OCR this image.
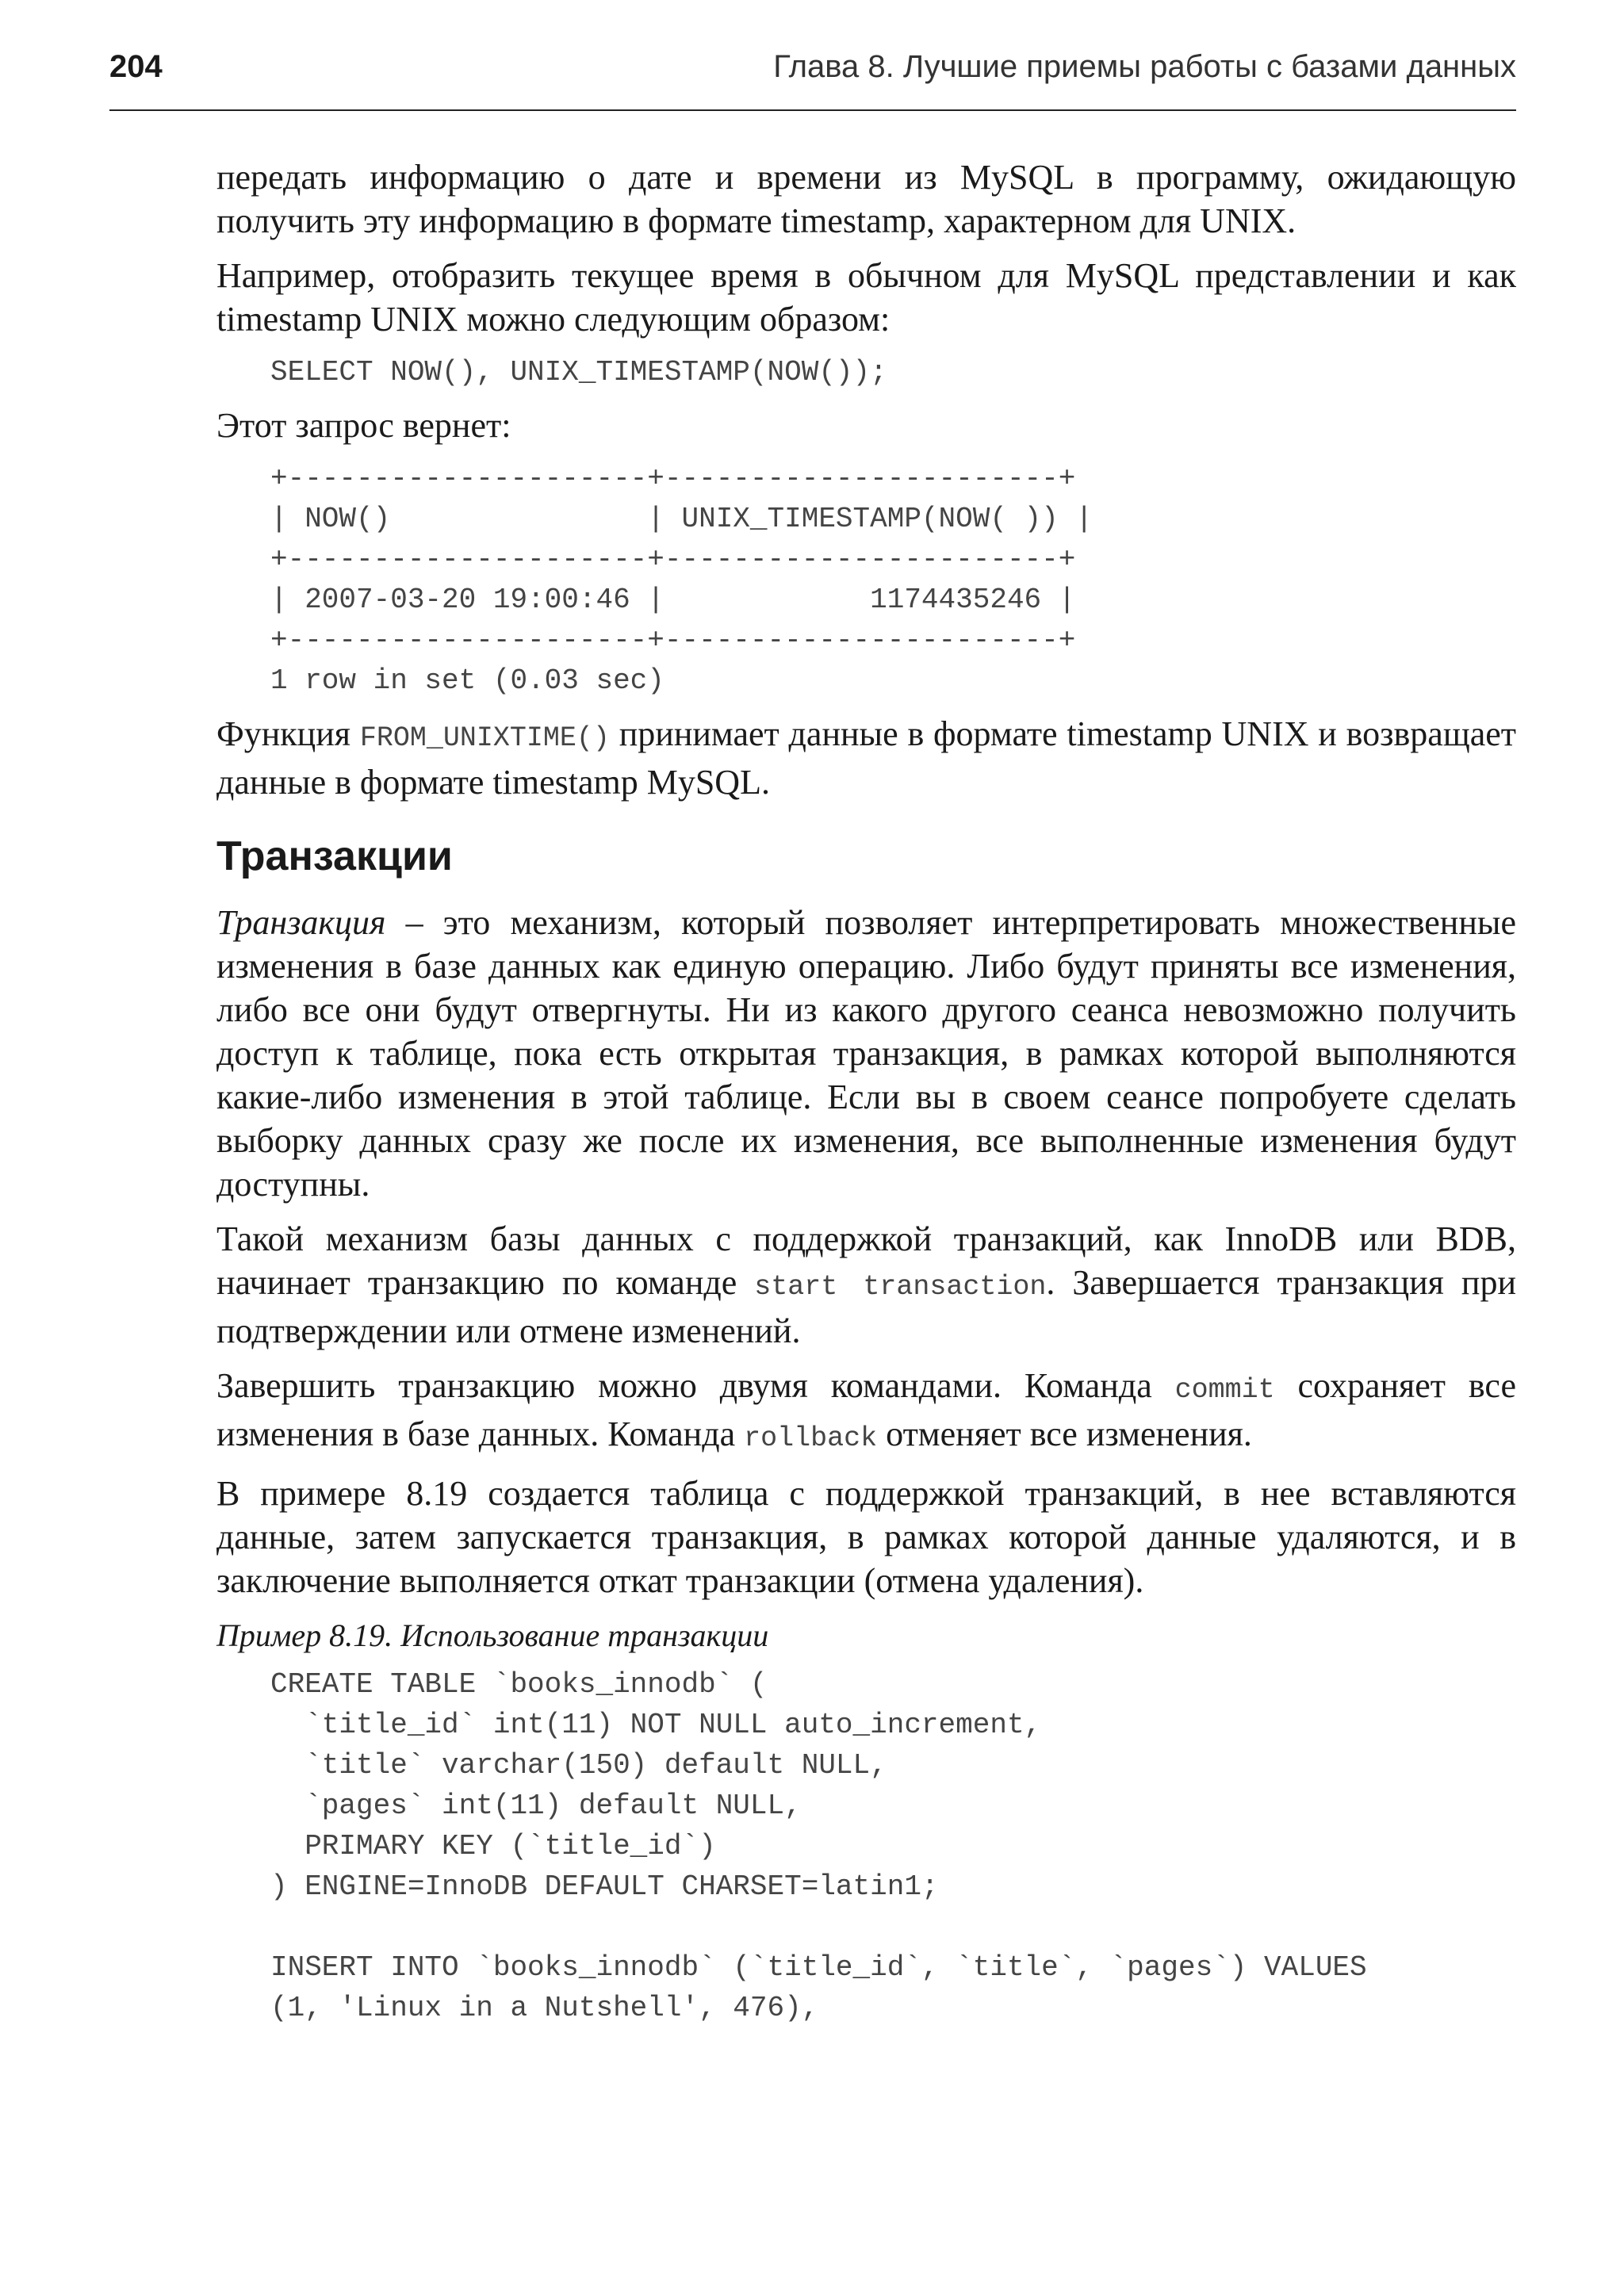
204	Глава 8. Лучшие приемы работы с базами данных

передать информацию о дате и времени из MySQL в программу, ожидающую получить эту информацию в формате timestamp, характерном для UNIX.

Например, отобразить текущее время в обычном для MySQL представлении и как timestamp UNIX можно следующим образом:

SELECT NOW(), UNIX_TIMESTAMP(NOW());

Этот запрос вернет:

+---------------------+-----------------------+
| NOW()               | UNIX_TIMESTAMP(NOW( )) |
+---------------------+-----------------------+
| 2007-03-20 19:00:46 |            1174435246 |
+---------------------+-----------------------+
1 row in set (0.03 sec)

Функция FROM_UNIXTIME() принимает данные в формате timestamp UNIX и возвращает данные в формате timestamp MySQL.

Транзакции

Транзакция – это механизм, который позволяет интерпретировать множественные изменения в базе данных как единую операцию. Либо будут приняты все изменения, либо все они будут отвергнуты. Ни из какого другого сеанса невозможно получить доступ к таблице, пока есть открытая транзакция, в рамках которой выполняются какие-либо изменения в этой таблице. Если вы в своем сеансе попробуете сделать выборку данных сразу же после их изменения, все выполненные изменения будут доступны.

Такой механизм базы данных с поддержкой транзакций, как InnoDB или BDB, начинает транзакцию по команде start transaction. Завершается транзакция при подтверждении или отмене изменений.

Завершить транзакцию можно двумя командами. Команда commit сохраняет все изменения в базе данных. Команда rollback отменяет все изменения.

В примере 8.19 создается таблица с поддержкой транзакций, в нее вставляются данные, затем запускается транзакция, в рамках которой данные удаляются, и в заключение выполняется откат транзакции (отмена удаления).

Пример 8.19. Использование транзакции
CREATE TABLE `books_innodb` (
`title_id` int(11) NOT NULL auto_increment,
`title` varchar(150) default NULL,
`pages` int(11) default NULL,
PRIMARY KEY (`title_id`)
) ENGINE=InnoDB DEFAULT CHARSET=latin1;

INSERT INTO `books_innodb` (`title_id`, `title`, `pages`) VALUES
(1, 'Linux in a Nutshell', 476),
